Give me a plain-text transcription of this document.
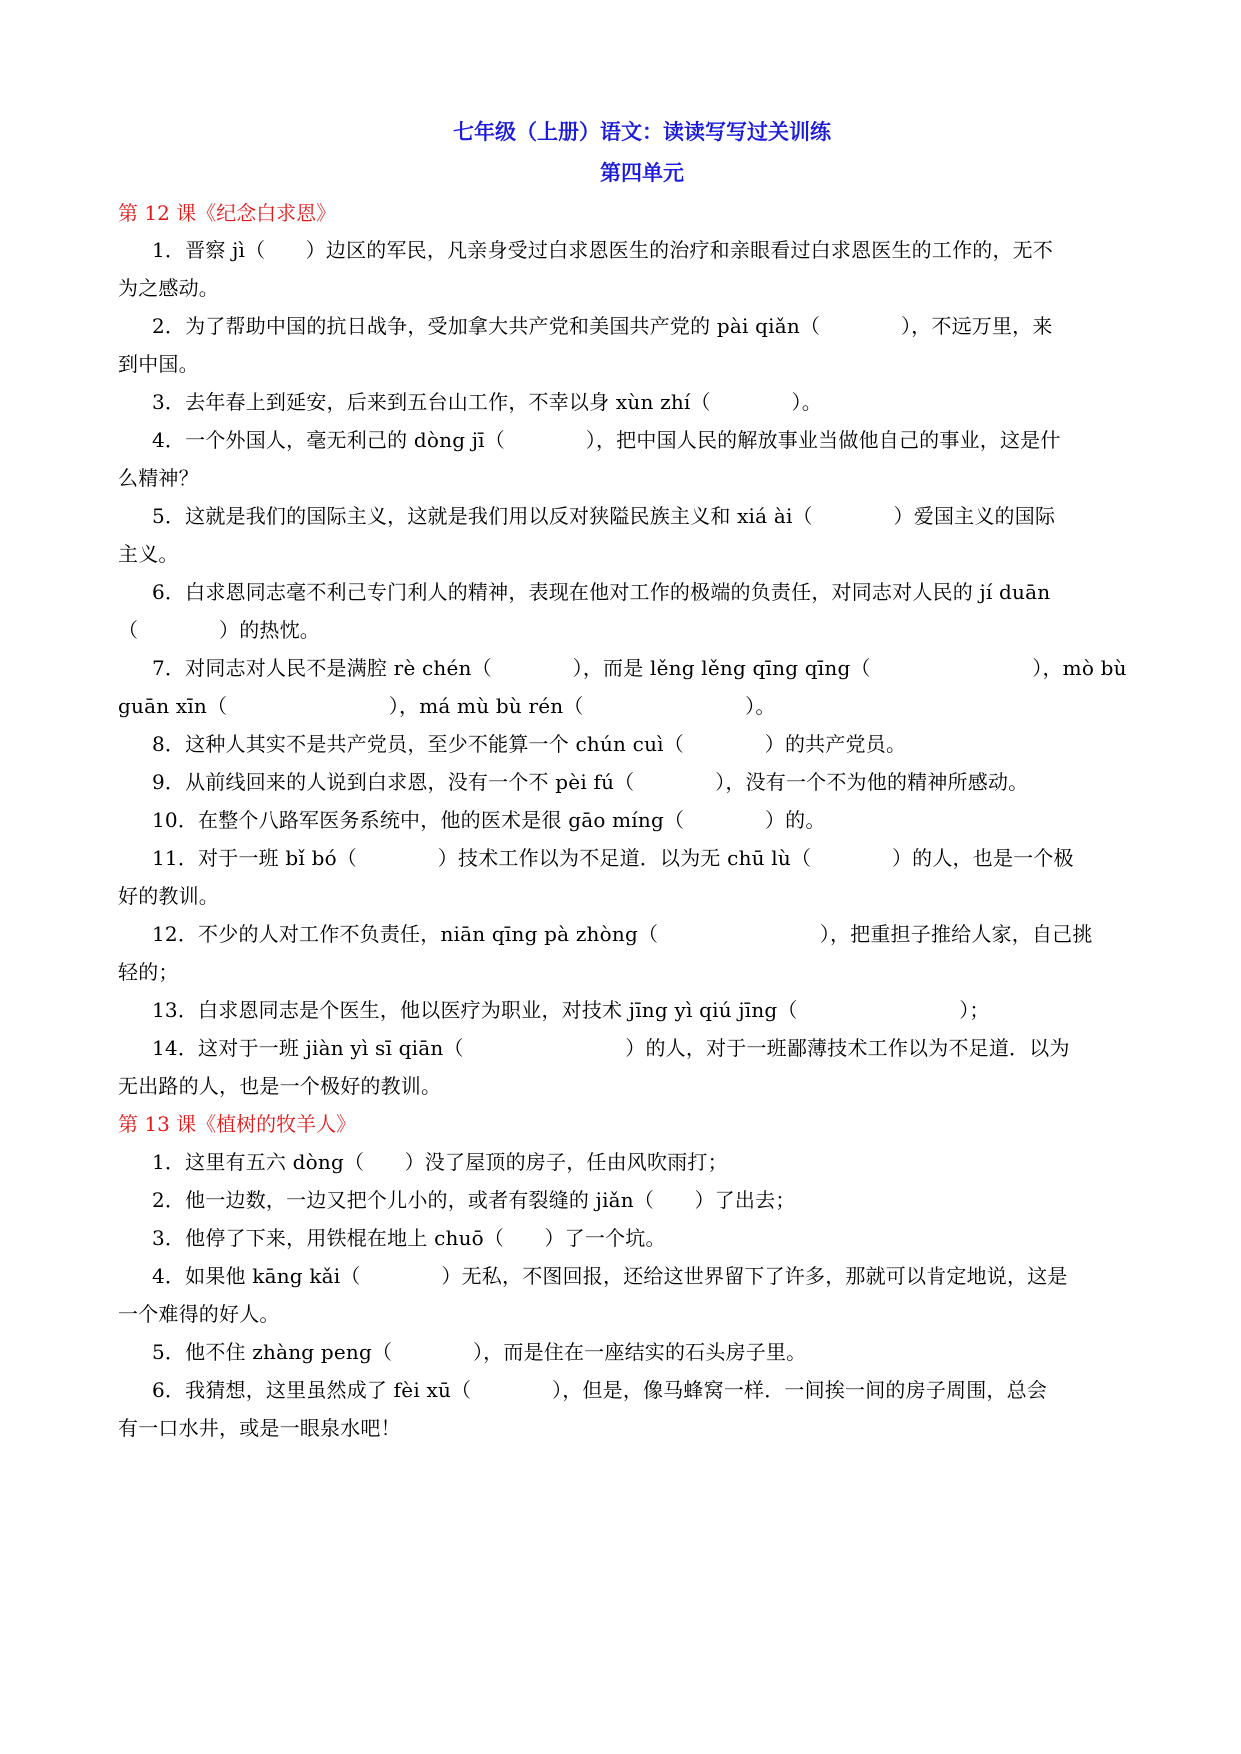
七年级（上册）语文：读读写写过关训练
第四单元
第 12 课《纪念白求恩》
1．晋察 jì（　　）边区的军民，凡亲身受过白求恩医生的治疗和亲眼看过白求恩医生的工作的，无不
为之感动。
2．为了帮助中国的抗日战争，受加拿大共产党和美国共产党的 pài qiǎn（　　　　），不远万里，来
到中国。
3．去年春上到延安，后来到五台山工作，不幸以身 xùn zhí（　　　　）。
4．一个外国人，毫无利己的 dòng jī（　　　　），把中国人民的解放事业当做他自己的事业，这是什
么精神？
5．这就是我们的国际主义，这就是我们用以反对狭隘民族主义和 xiá ài（　　　　）爱国主义的国际
主义。
6．白求恩同志毫不利己专门利人的精神，表现在他对工作的极端的负责任，对同志对人民的 jí duān
（　　　　）的热忱。
7．对同志对人民不是满腔 rè chén（　　　　），而是 lěng lěng qīng qīng（　　　　　　　　），mò bù
guān xīn（　　　　　　　　），má mù bù rén（　　　　　　　　）。
8．这种人其实不是共产党员，至少不能算一个 chún cuì（　　　　）的共产党员。
9．从前线回来的人说到白求恩，没有一个不 pèi fú（　　　　），没有一个不为他的精神所感动。
10．在整个八路军医务系统中，他的医术是很 gāo míng（　　　　）的。
11．对于一班 bǐ bó（　　　　）技术工作以为不足道．以为无 chū lù（　　　　）的人，也是一个极
好的教训。
12．不少的人对工作不负责任，niān qīng pà zhòng（　　　　　　　　），把重担子推给人家，自己挑
轻的；
13．白求恩同志是个医生，他以医疗为职业，对技术 jīng yì qiú jīng（　　　　　　　　）；
14．这对于一班 jiàn yì sī qiān（　　　　　　　　）的人，对于一班鄙薄技术工作以为不足道．以为
无出路的人，也是一个极好的教训。
第 13 课《植树的牧羊人》
1．这里有五六 dòng（　　）没了屋顶的房子，任由风吹雨打；
2．他一边数，一边又把个儿小的，或者有裂缝的 jiǎn（　　）了出去；
3．他停了下来，用铁棍在地上 chuō（　　）了一个坑。
4．如果他 kāng kǎi（　　　　）无私，不图回报，还给这世界留下了许多，那就可以肯定地说，这是
一个难得的好人。
5．他不住 zhàng peng（　　　　），而是住在一座结实的石头房子里。
6．我猜想，这里虽然成了 fèi xū（　　　　），但是，像马蜂窝一样．一间挨一间的房子周围，总会
有一口水井，或是一眼泉水吧！
